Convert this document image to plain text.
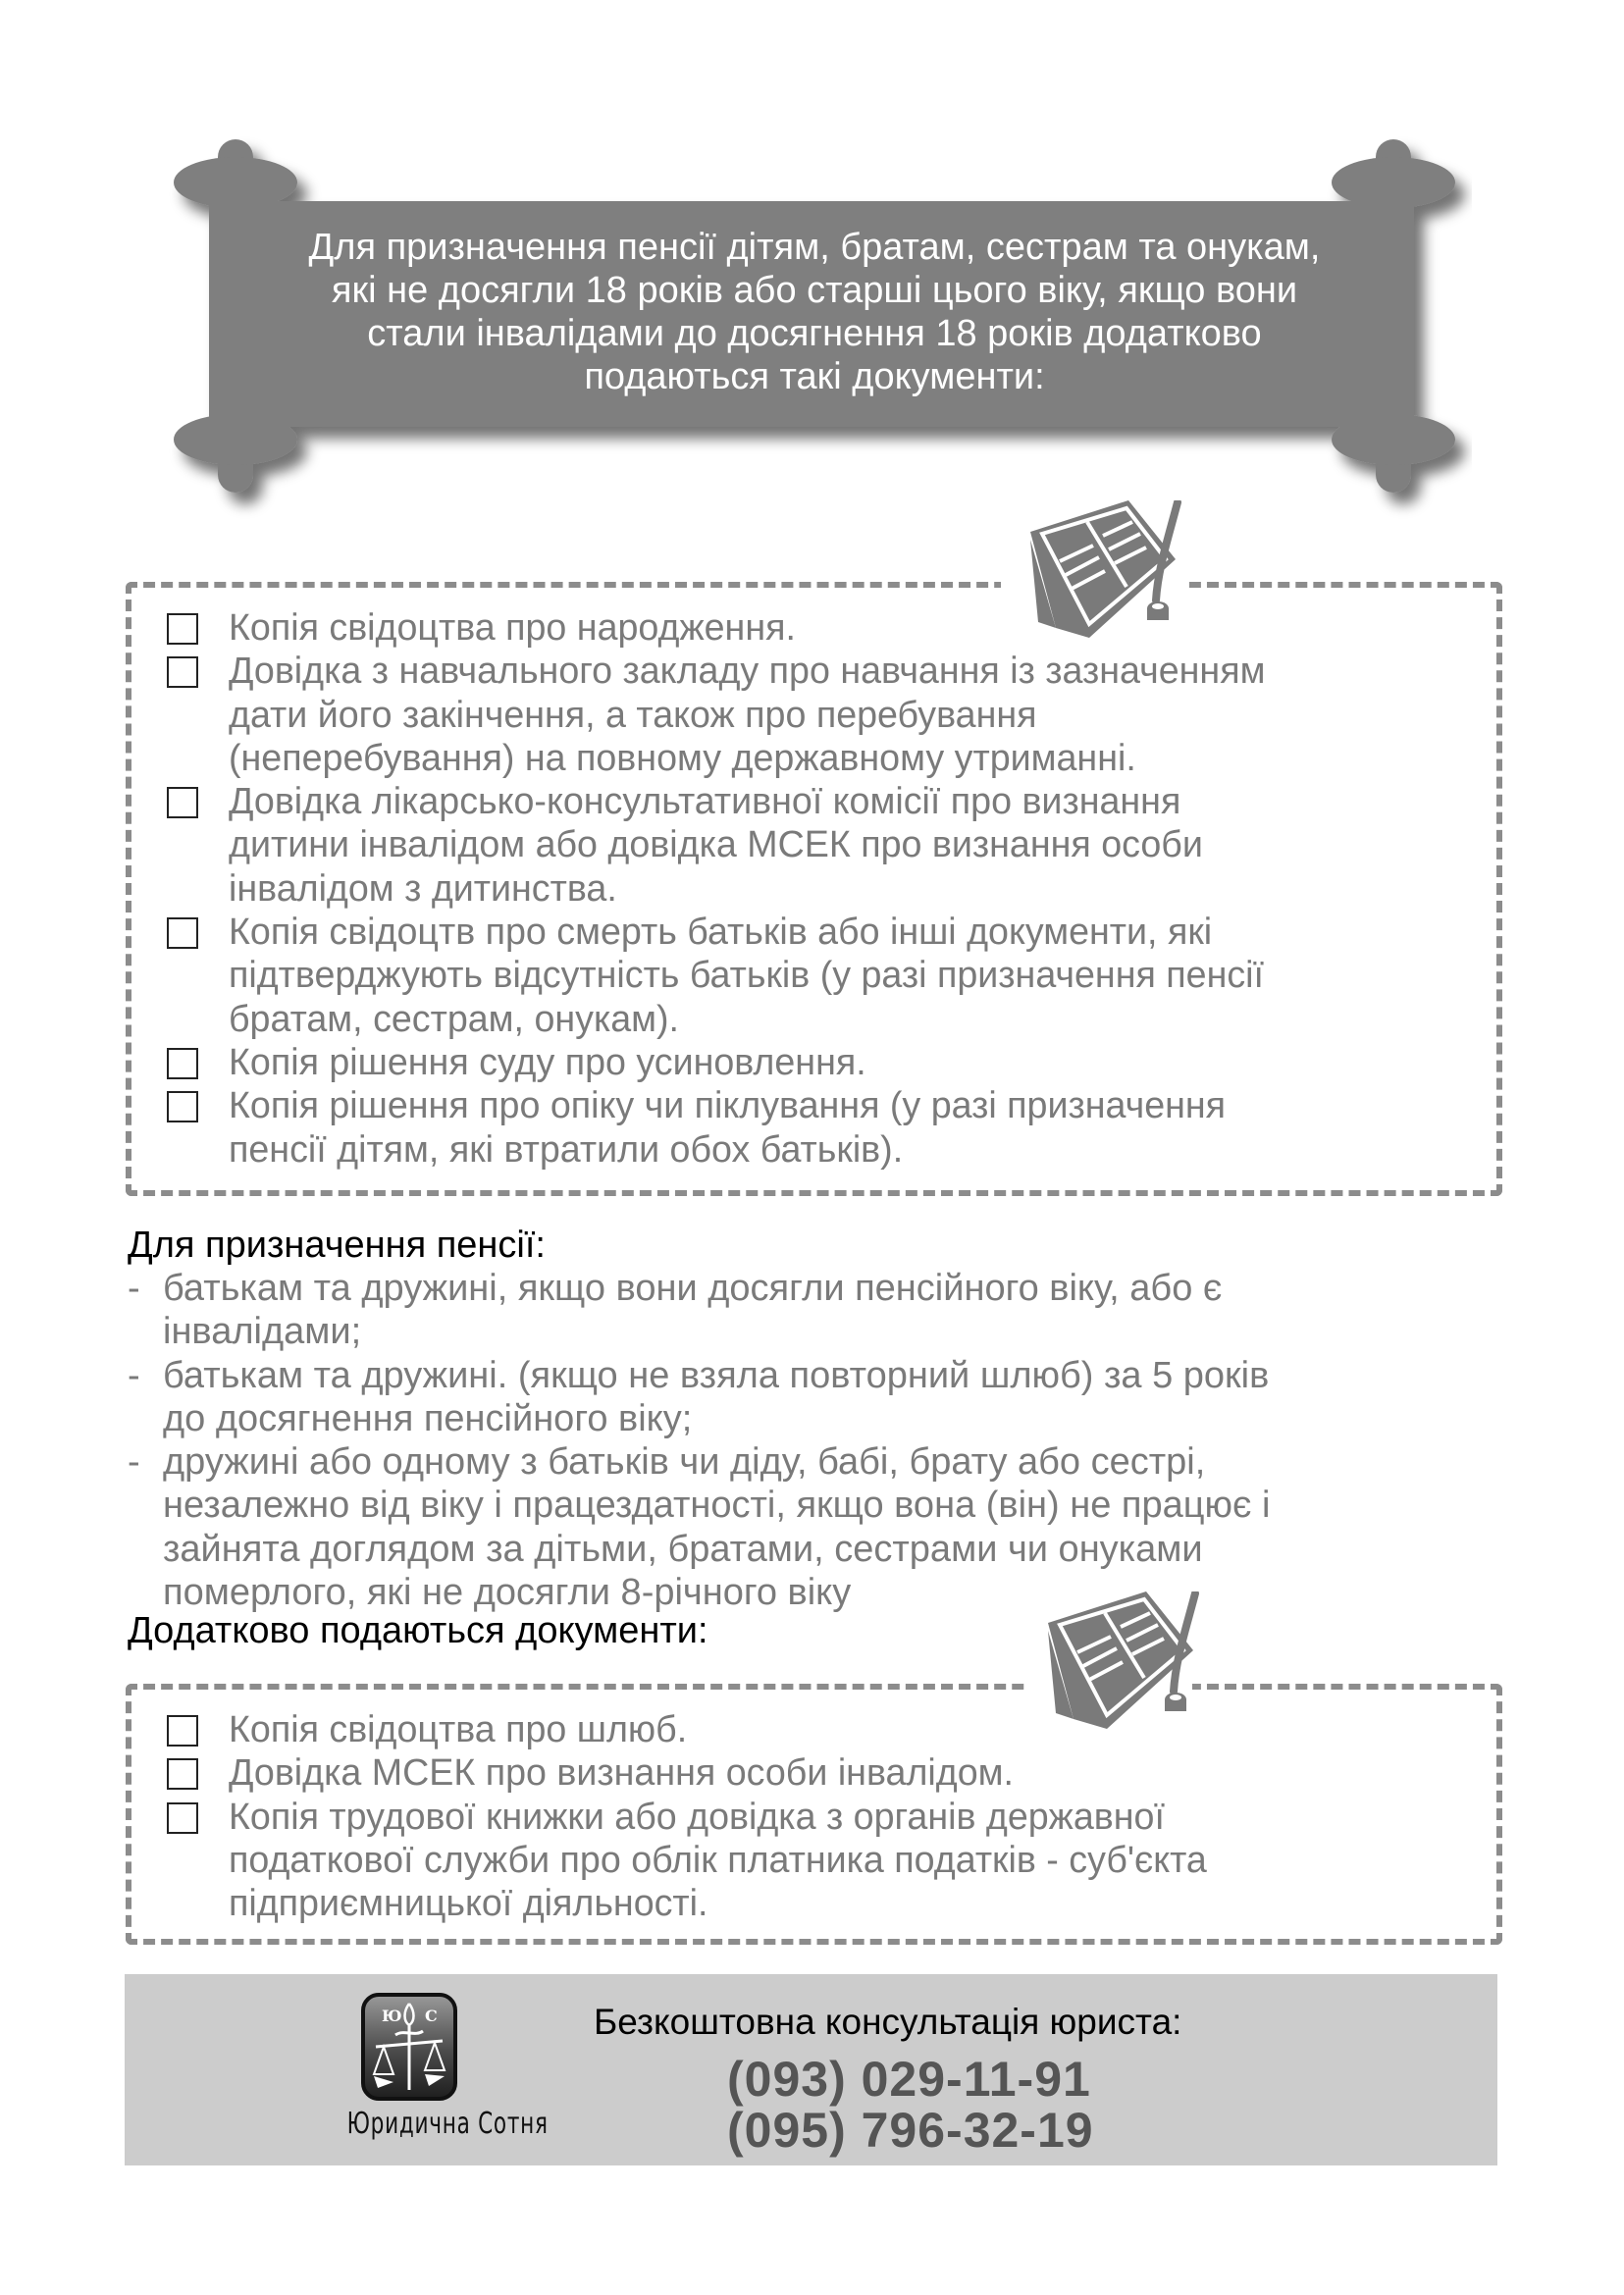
Для призначення пенсії дітям, братам, сестрам та онукам,
які не досягли 18 років або старші цього віку, якщо вони
стали інвалідами до досягнення 18 років додатково
подаються такі документи:
Копія свідоцтва про народження.
Довідка з навчального закладу про навчання із зазначенням
дати його закінчення, а також про перебування
(неперебування) на повному державному утриманні.
Довідка лікарсько-консультативної комісії про визнання
дитини інвалідом або довідка МСЕК про визнання особи
інвалідом з дитинства.
Копія свідоцтв про смерть батьків або інші документи, які
підтверджують відсутність батьків (у разі призначення пенсії
братам, сестрам, онукам).
Копія рішення суду про усиновлення.
Копія рішення про опіку чи піклування (у разі призначення
пенсії дітям, які втратили обох батьків).
Для призначення пенсії:
- батькам та дружині, якщо вони досягли пенсійного віку, або є
інвалідами;
- батькам та дружині. (якщо не взяла повторний шлюб) за 5 років
до досягнення пенсійного віку;
- дружині або одному з батьків чи діду, бабі, брату або сестрі,
незалежно від віку і працездатності, якщо вона (він) не працює і
зайнята доглядом за дітьми, братами, сестрами чи онуками
померлого, які не досягли 8-річного віку
Додатково подаються документи:
Копія свідоцтва про шлюб.
Довідка МСЕК про визнання особи інвалідом.
Копія трудової книжки або довідка з органів державної
податкової служби про облік платника податків - суб'єкта
підприємницької діяльності.
Ю С
Юридична Сотня
Безкоштовна консультація юриста:
(093) 029-11-91
(095) 796-32-19
